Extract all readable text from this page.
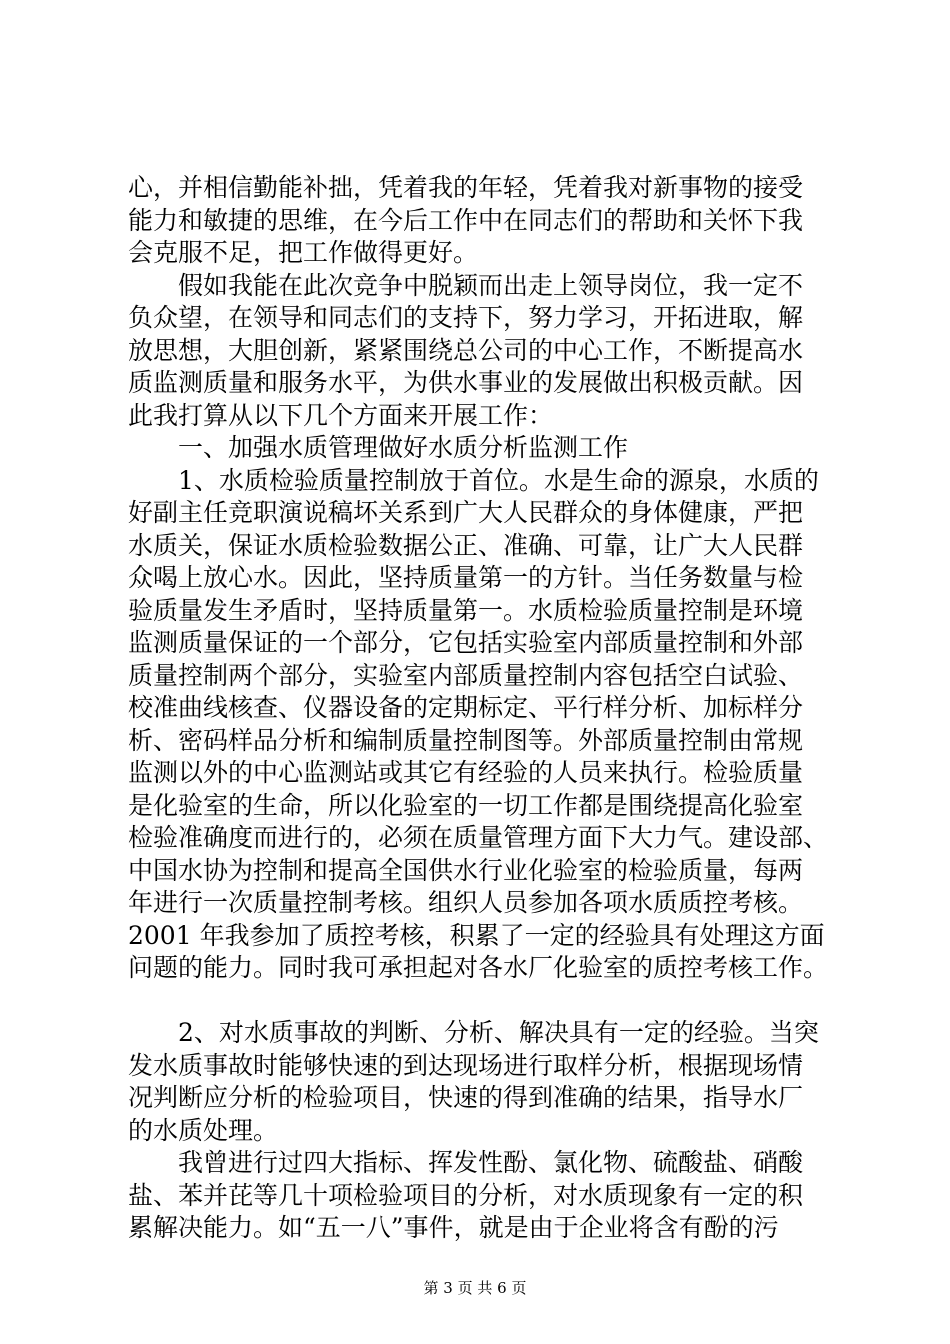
心，并相信勤能补拙，凭着我的年轻，凭着我对新事物的接受
能力和敏捷的思维，在今后工作中在同志们的帮助和关怀下我
会克服不足，把工作做得更好。
　　假如我能在此次竞争中脱颖而出走上领导岗位，我一定不
负众望，在领导和同志们的支持下，努力学习，开拓进取，解
放思想，大胆创新，紧紧围绕总公司的中心工作，不断提高水
质监测质量和服务水平，为供水事业的发展做出积极贡献。因
此我打算从以下几个方面来开展工作：
　　一、加强水质管理做好水质分析监测工作
　　1、水质检验质量控制放于首位。水是生命的源泉，水质的
好副主任竞职演说稿坏关系到广大人民群众的身体健康，严把
水质关，保证水质检验数据公正、准确、可靠，让广大人民群
众喝上放心水。因此，坚持质量第一的方针。当任务数量与检
验质量发生矛盾时，坚持质量第一。水质检验质量控制是环境
监测质量保证的一个部分，它包括实验室内部质量控制和外部
质量控制两个部分，实验室内部质量控制内容包括空白试验、
校准曲线核查、仪器设备的定期标定、平行样分析、加标样分
析、密码样品分析和编制质量控制图等。外部质量控制由常规
监测以外的中心监测站或其它有经验的人员来执行。检验质量
是化验室的生命，所以化验室的一切工作都是围绕提高化验室
检验准确度而进行的，必须在质量管理方面下大力气。建设部、
中国水协为控制和提高全国供水行业化验室的检验质量，每两
年进行一次质量控制考核。组织人员参加各项水质质控考核。
2001 年我参加了质控考核，积累了一定的经验具有处理这方面
问题的能力。同时我可承担起对各水厂化验室的质控考核工作。
　　2、对水质事故的判断、分析、解决具有一定的经验。当突
发水质事故时能够快速的到达现场进行取样分析，根据现场情
况判断应分析的检验项目，快速的得到准确的结果，指导水厂
的水质处理。
　　我曾进行过四大指标、挥发性酚、氯化物、硫酸盐、硝酸
盐、苯并芘等几十项检验项目的分析，对水质现象有一定的积
累解决能力。如“五一八”事件，就是由于企业将含有酚的污
第 3 页 共 6 页
